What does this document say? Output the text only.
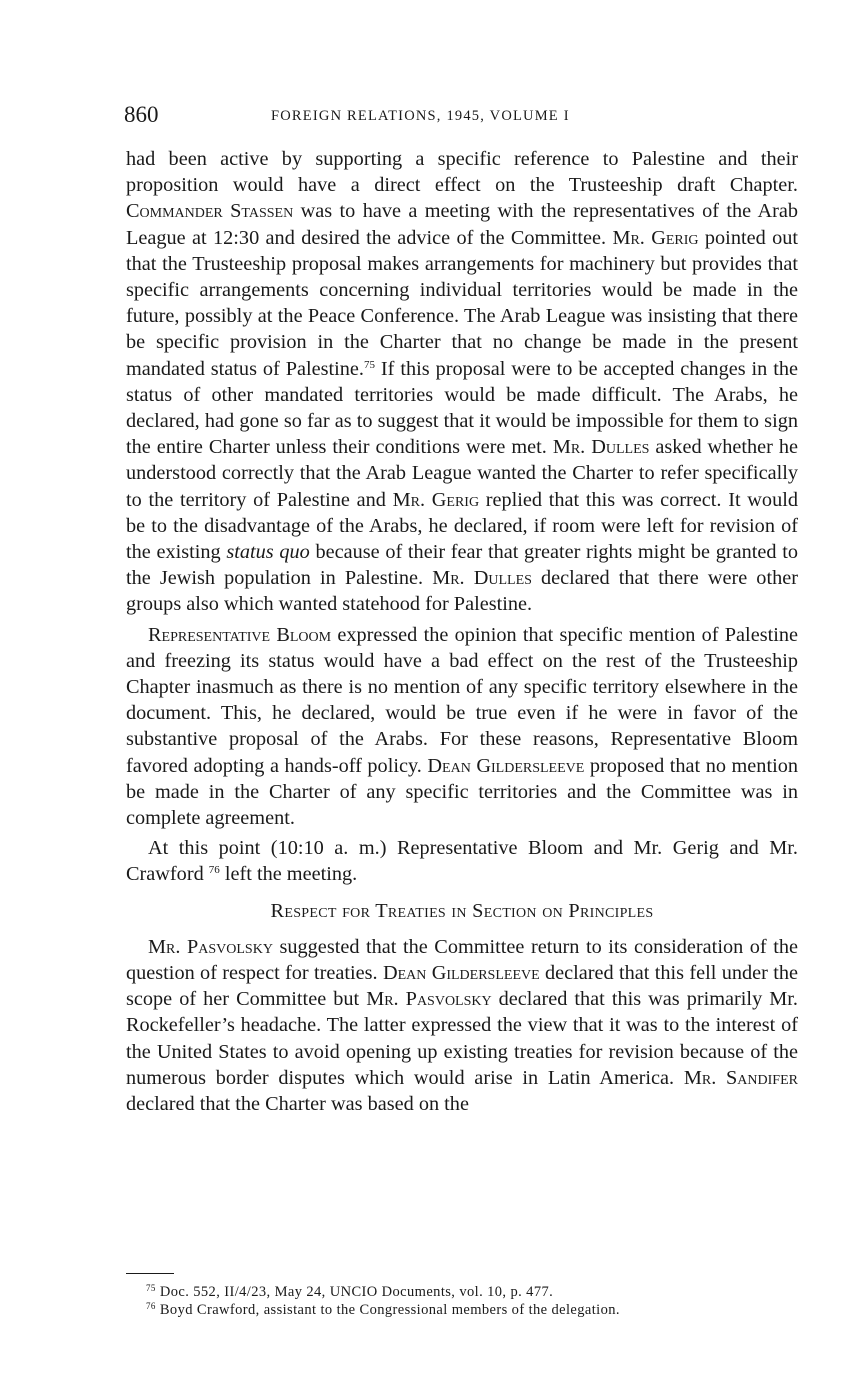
860	FOREIGN RELATIONS, 1945, VOLUME I

had been active by supporting a specific reference to Palestine and their proposition would have a direct effect on the Trusteeship draft Chapter. Commander Stassen was to have a meeting with the representatives of the Arab League at 12:30 and desired the advice of the Committee. Mr. Gerig pointed out that the Trusteeship proposal makes arrangements for machinery but provides that specific arrangements concerning individual territories would be made in the future, possibly at the Peace Conference. The Arab League was insisting that there be specific provision in the Charter that no change be made in the present mandated status of Palestine.$^{75}$ If this proposal were to be accepted changes in the status of other mandated territories would be made difficult. The Arabs, he declared, had gone so far as to suggest that it would be impossible for them to sign the entire Charter unless their conditions were met. Mr. Dulles asked whether he understood correctly that the Arab League wanted the Charter to refer specifically to the territory of Palestine and Mr. Gerig replied that this was correct. It would be to the disadvantage of the Arabs, he declared, if room were left for revision of the existing status quo because of their fear that greater rights might be granted to the Jewish population in Palestine. Mr. Dulles declared that there were other groups also which wanted statehood for Palestine.

Representative Bloom expressed the opinion that specific mention of Palestine and freezing its status would have a bad effect on the rest of the Trusteeship Chapter inasmuch as there is no mention of any specific territory elsewhere in the document. This, he declared, would be true even if he were in favor of the substantive proposal of the Arabs. For these reasons, Representative Bloom favored adopting a hands-off policy. Dean Gildersleeve proposed that no mention be made in the Charter of any specific territories and the Committee was in complete agreement.

At this point (10:10 a. m.) Representative Bloom and Mr. Gerig and Mr. Crawford $^{76}$ left the meeting.

Respect for Treaties in Section on Principles

Mr. Pasvolsky suggested that the Committee return to its consideration of the question of respect for treaties. Dean Gildersleeve declared that this fell under the scope of her Committee but Mr. Pasvolsky declared that this was primarily Mr. Rockefeller’s headache. The latter expressed the view that it was to the interest of the United States to avoid opening up existing treaties for revision because of the numerous border disputes which would arise in Latin America. Mr. Sandifer declared that the Charter was based on the

$^{75}$ Doc. 552, II/4/23, May 24, UNCIO Documents, vol. 10, p. 477.
$^{76}$ Boyd Crawford, assistant to the Congressional members of the delegation.
